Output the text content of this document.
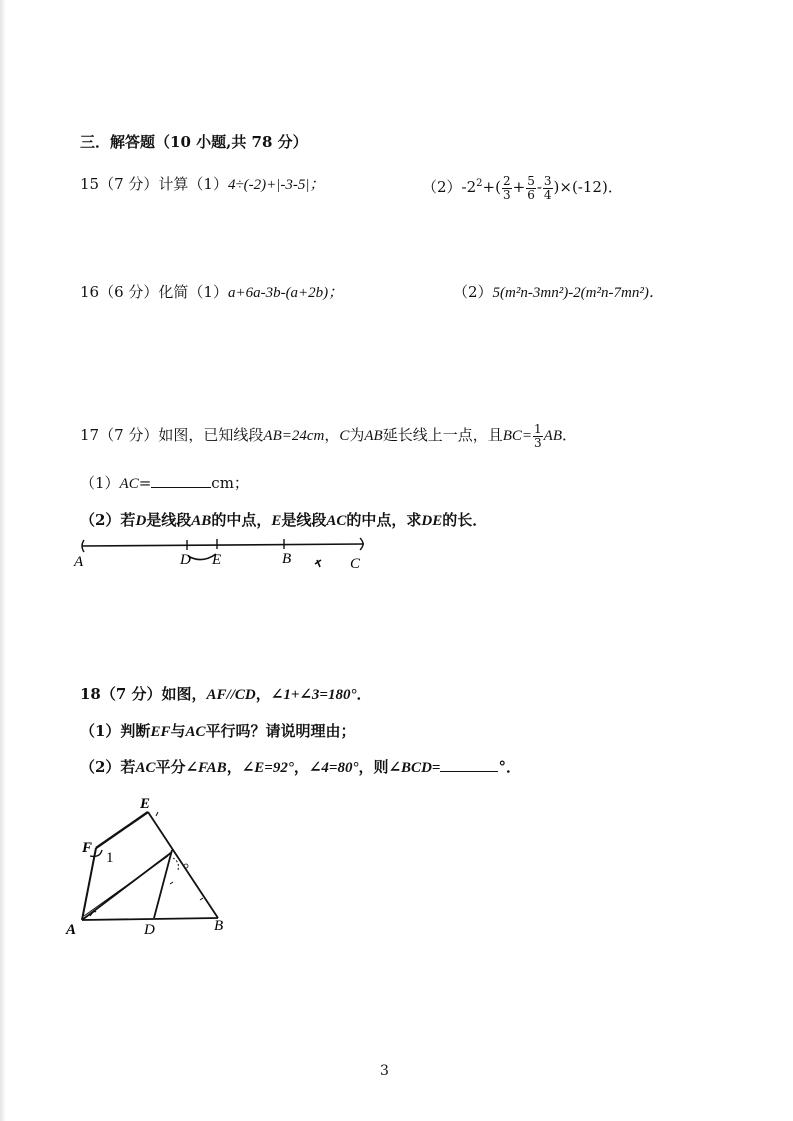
三．解答题（10 小题,共 78 分）
15（7 分）计算（1）4÷(-2)+|-3-5|；	$(2)-2^2+( \frac{2}{3} + \frac{5}{6} - \frac{3}{4} )\times(-12)$．
16（6 分）化简（1）a+6a-3b-(a+2b)；	（2）5(m²n-3mn²)-2(m²n-7mn²)．
17（7 分）如图，已知线段AB=24cm，C为AB延长线上一点，且$BC= \frac{1}{3}$ AB．
（1）AC=	cm；
（2）若D是线段AB的中点，E是线段AC的中点，求DE的长．
A	D E	B	C
18（7 分）如图，AF//CD，∠1+∠3=180°．
（1）判断EF与AC平行吗？请说明理由；
（2）若AC平分∠FAB，∠E=92°，∠4=80°，则∠BCD=	°．
E
F
1
A	D	B
3
